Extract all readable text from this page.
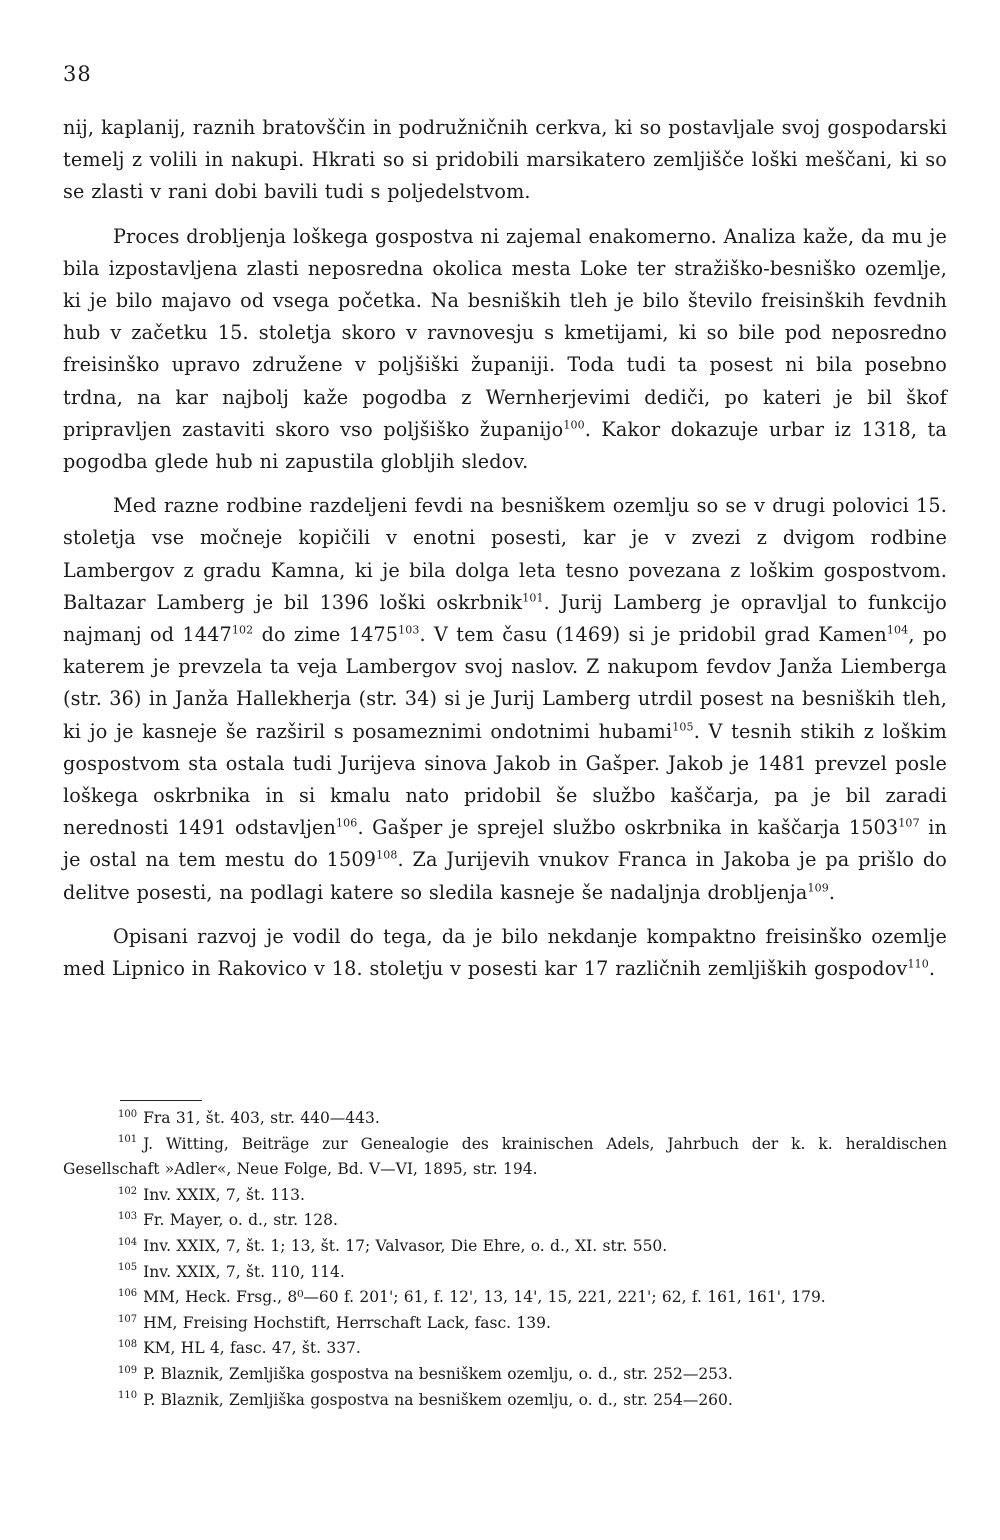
38

nij, kaplanij, raznih bratovščin in podružničnih cerkva, ki so postavljale svoj gospodarski temelj z volili in nakupi. Hkrati so si pridobili marsikatero zemljišče loški meščani, ki so se zlasti v rani dobi bavili tudi s poljedelstvom.

Proces drobljenja loškega gospostva ni zajemal enakomerno. Analiza kaže, da mu je bila izpostavljena zlasti neposredna okolica mesta Loke ter stražiško-besniško ozemlje, ki je bilo majavo od vsega početka. Na besniških tleh je bilo število freisinških fevdnih hub v začetku 15. stoletja skoro v ravnovesju s kmetijami, ki so bile pod neposredno freisinško upravo združene v poljšiški županiji. Toda tudi ta posest ni bila posebno trdna, na kar najbolj kaže pogodba z Wernherjevimi dediči, po kateri je bil škof pripravljen zastaviti skoro vso poljšiško županijo$^{100}$. Kakor dokazuje urbar iz 1318, ta pogodba glede hub ni zapustila globljih sledov.

Med razne rodbine razdeljeni fevdi na besniškem ozemlju so se v drugi polovici 15. stoletja vse močneje kopičili v enotni posesti, kar je v zvezi z dvigom rodbine Lambergov z gradu Kamna, ki je bila dolga leta tesno povezana z loškim gospostvom. Baltazar Lamberg je bil 1396 loški oskrbnik$^{101}$. Jurij Lamberg je opravljal to funkcijo najmanj od 1447$^{102}$ do zime 1475$^{103}$. V tem času (1469) si je pridobil grad Kamen$^{104}$, po katerem je prevzela ta veja Lambergov svoj naslov. Z nakupom fevdov Janža Liemberga (str. 36) in Janža Hallekherja (str. 34) si je Jurij Lamberg utrdil posest na besniških tleh, ki jo je kasneje še razširil s posameznimi ondotnimi hubami$^{105}$. V tesnih stikih z loškim gospostvom sta ostala tudi Jurijeva sinova Jakob in Gašper. Jakob je 1481 prevzel posle loškega oskrbnika in si kmalu nato pridobil še službo kaščarja, pa je bil zaradi nerednosti 1491 odstavljen$^{106}$. Gašper je sprejel službo oskrbnika in kaščarja 1503$^{107}$ in je ostal na tem mestu do 1509$^{108}$. Za Jurijevih vnukov Franca in Jakoba je pa prišlo do delitve posesti, na podlagi katere so sledila kasneje še nadaljnja drobljenja$^{109}$.

Opisani razvoj je vodil do tega, da je bilo nekdanje kompaktno freisinško ozemlje med Lipnico in Rakovico v 18. stoletju v posesti kar 17 različnih zemljiških gospodov$^{110}$.

$^{100}$ Fra 31, št. 403, str. 440—443.
$^{101}$ J. Witting, Beiträge zur Genealogie des krainischen Adels, Jahrbuch der k. k. heraldischen Gesellschaft »Adler«, Neue Folge, Bd. V—VI, 1895, str. 194.
$^{102}$ Inv. XXIX, 7, št. 113.
$^{103}$ Fr. Mayer, o. d., str. 128.
$^{104}$ Inv. XXIX, 7, št. 1; 13, št. 17; Valvasor, Die Ehre, o. d., XI. str. 550.
$^{105}$ Inv. XXIX, 7, št. 110, 114.
$^{106}$ MM, Heck. Frsg., 8⁰—60 f. 201'; 61, f. 12', 13, 14', 15, 221, 221'; 62, f. 161, 161', 179.
$^{107}$ HM, Freising Hochstift, Herrschaft Lack, fasc. 139.
$^{108}$ KM, HL 4, fasc. 47, št. 337.
$^{109}$ P. Blaznik, Zemljiška gospostva na besniškem ozemlju, o. d., str. 252—253.
$^{110}$ P. Blaznik, Zemljiška gospostva na besniškem ozemlju, o. d., str. 254—260.
